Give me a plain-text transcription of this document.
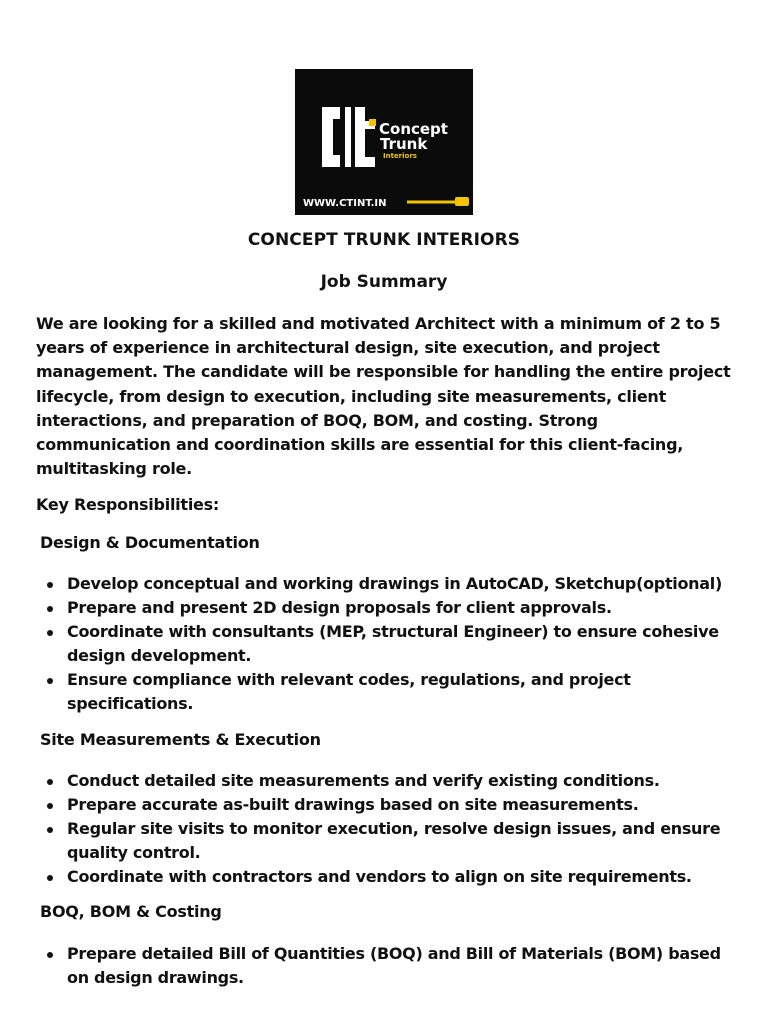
Concept
Trunk
Interiors
WWW.CTINT.IN
CONCEPT TRUNK INTERIORS
Job Summary

We are looking for a skilled and motivated Architect with a minimum of 2 to 5 years of experience in architectural design, site execution, and project management. The candidate will be responsible for handling the entire project lifecycle, from design to execution, including site measurements, client interactions, and preparation of BOQ, BOM, and costing. Strong communication and coordination skills are essential for this client-facing, multitasking role.

Key Responsibilities:
Design & Documentation
Develop conceptual and working drawings in AutoCAD, Sketchup(optional)
Prepare and present 2D design proposals for client approvals.
Coordinate with consultants (MEP, structural Engineer) to ensure cohesive design development.
Ensure compliance with relevant codes, regulations, and project specifications.
Site Measurements & Execution
Conduct detailed site measurements and verify existing conditions.
Prepare accurate as-built drawings based on site measurements.
Regular site visits to monitor execution, resolve design issues, and ensure quality control.
Coordinate with contractors and vendors to align on site requirements.
BOQ, BOM & Costing
Prepare detailed Bill of Quantities (BOQ) and Bill of Materials (BOM) based on design drawings.
